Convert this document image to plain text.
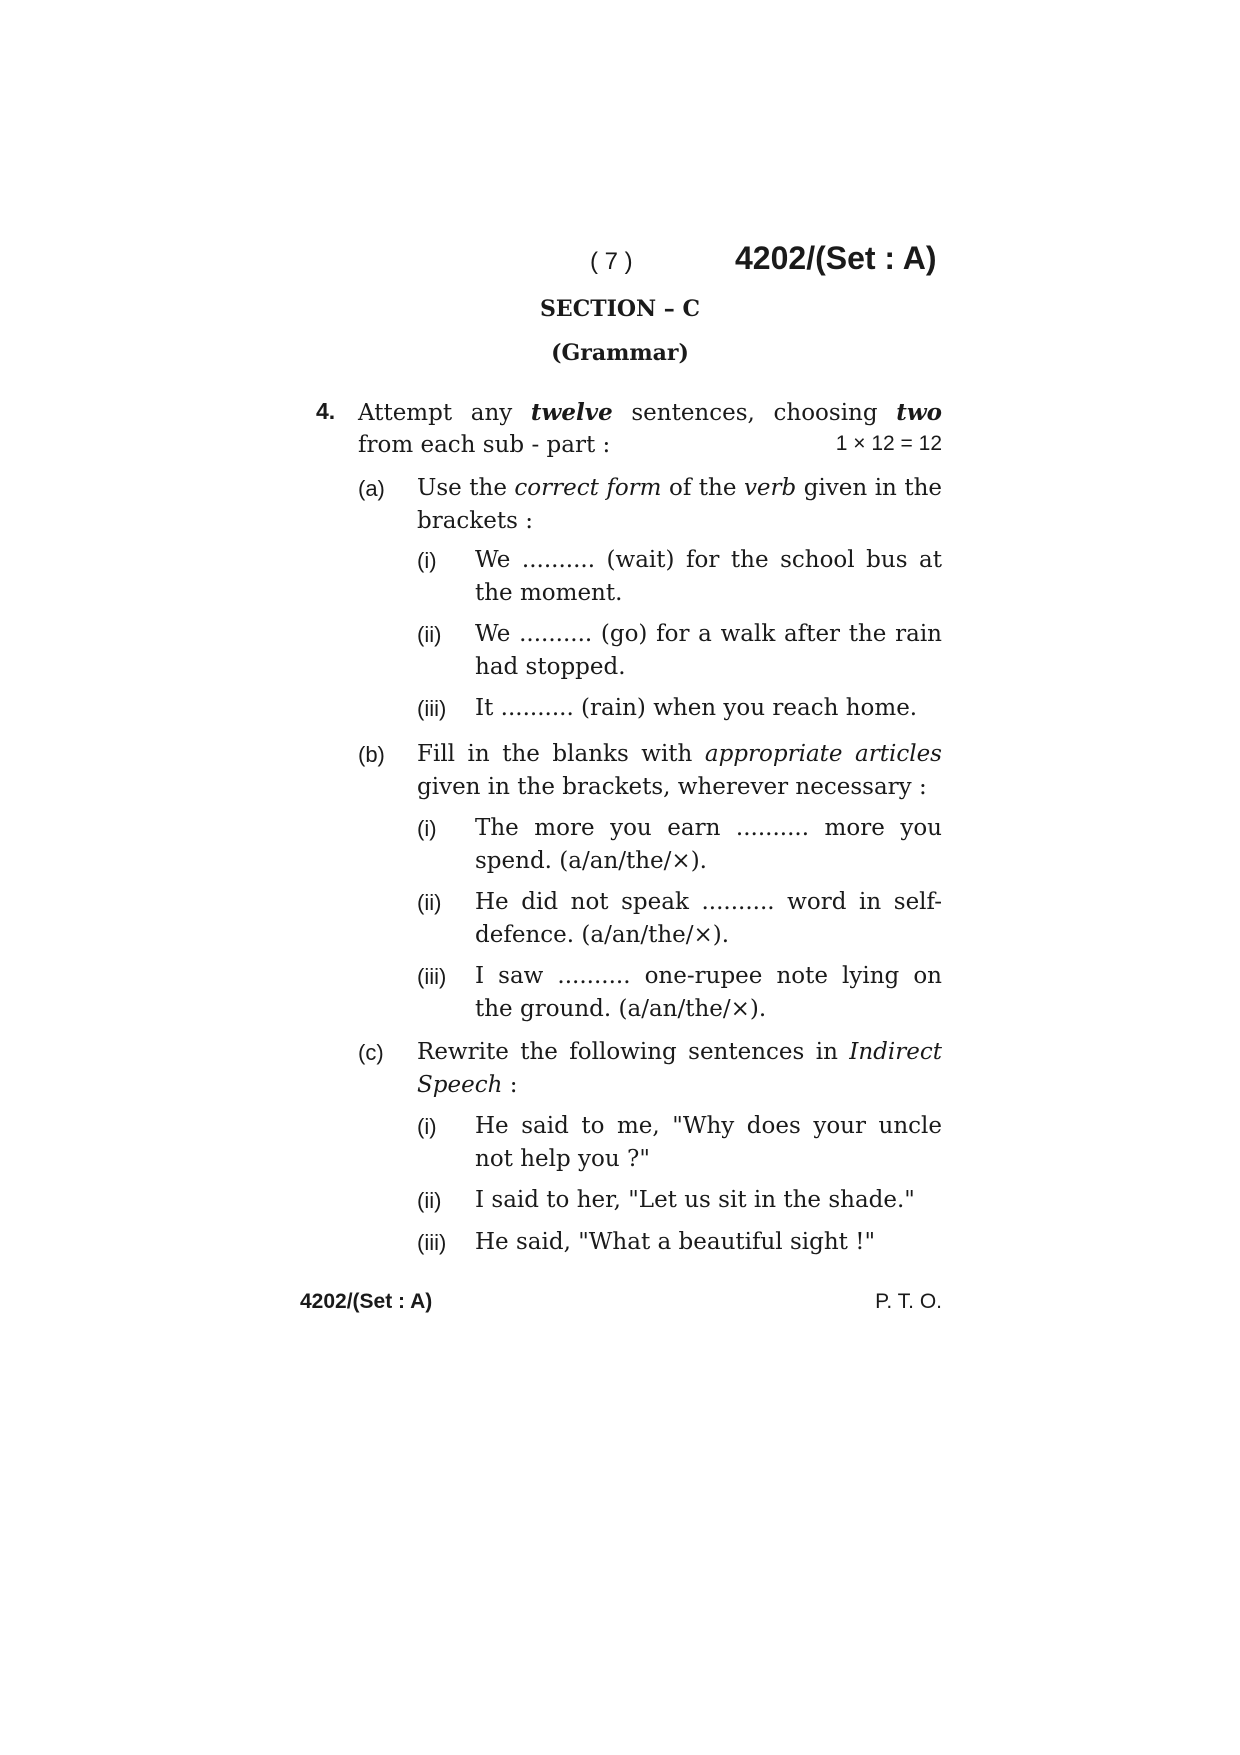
( 7 )	4202/(Set : A)
SECTION – C
(Grammar)
4. Attempt any twelve sentences, choosing two
from each sub - part :	1 × 12 = 12
(a) Use the correct form of the verb given in the brackets :
(i) We .......... (wait) for the school bus at the moment.
(ii) We .......... (go) for a walk after the rain had stopped.
(iii) It .......... (rain) when you reach home.
(b) Fill in the blanks with appropriate articles given in the brackets, wherever necessary :
(i) The more you earn .......... more you spend. (a/an/the/×).
(ii) He did not speak .......... word in self-defence. (a/an/the/×).
(iii) I saw .......... one-rupee note lying on the ground. (a/an/the/×).
(c) Rewrite the following sentences in Indirect Speech :
(i) He said to me, "Why does your uncle not help you ?"
(ii) I said to her, "Let us sit in the shade."
(iii) He said, "What a beautiful sight !"
4202/(Set : A)	P. T. O.
